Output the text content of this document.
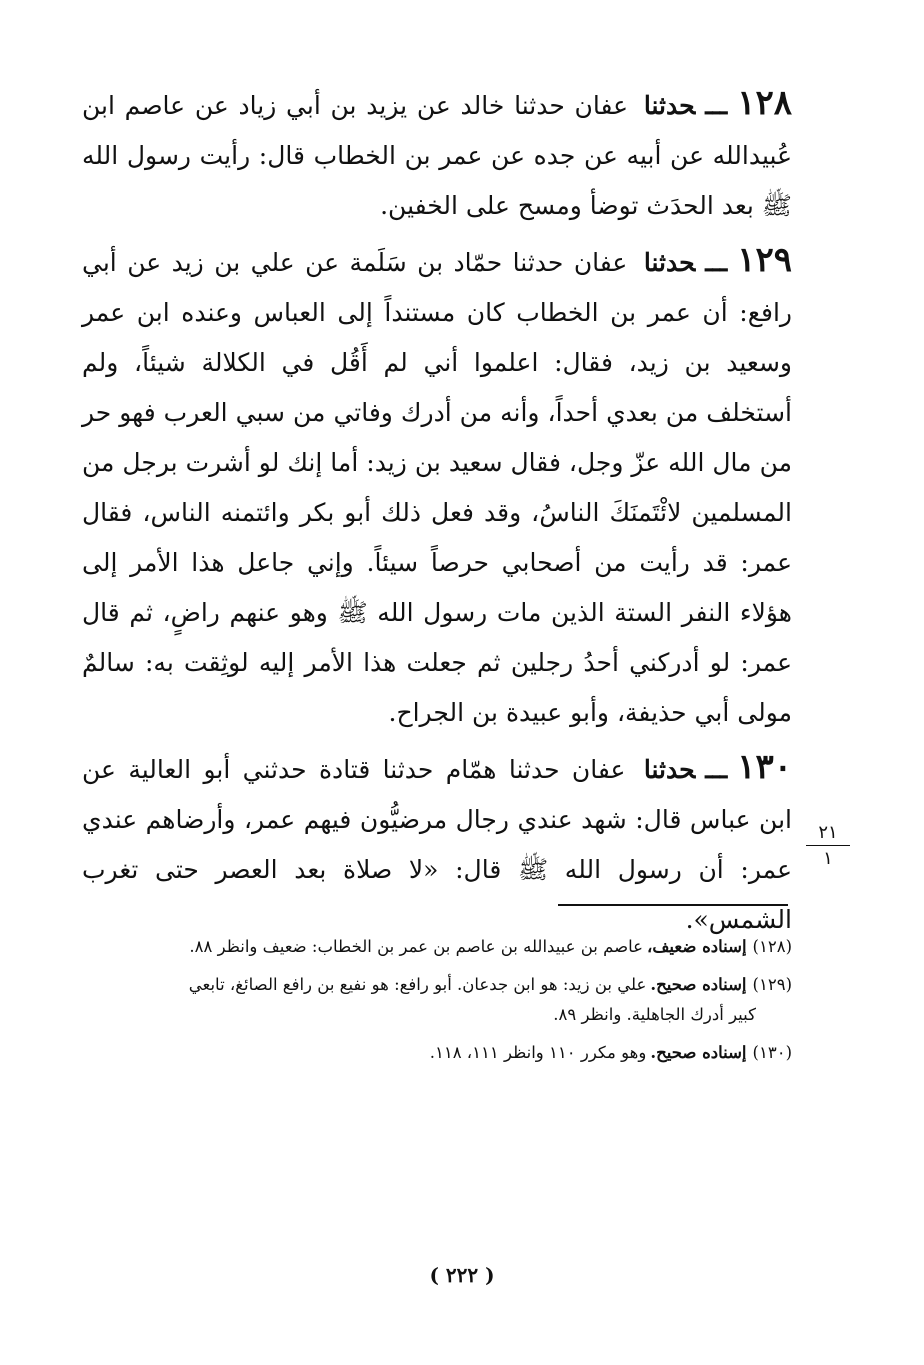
١٢٨ـــحدثنا عفان حدثنا خالد عن يزيد بن أبي زياد عن عاصم ابن عُبيدالله عن أبيه عن جده عن عمر بن الخطاب قال: رأيت رسول الله ﷺ بعد الحدَث توضأ ومسح على الخفين.

١٢٩ـــحدثنا عفان حدثنا حمّاد بن سَلَمة عن علي بن زيد عن أبي رافع: أن عمر بن الخطاب كان مستنداً إلى العباس وعنده ابن عمر وسعيد بن زيد، فقال: اعلموا أني لم أَقُل في الكلالة شيئاً، ولم أستخلف من بعدي أحداً، وأنه من أدرك وفاتي من سبي العرب فهو حر من مال الله عزّ وجل، فقال سعيد بن زيد: أما إنك لو أشرت برجل من المسلمين لائْتَمنَكَ الناسُ، وقد فعل ذلك أبو بكر وائتمنه الناس، فقال عمر: قد رأيت من أصحابي حرصاً سيئاً. وإني جاعل هذا الأمر إلى هؤلاء النفر الستة الذين مات رسول الله ﷺ وهو عنهم راضٍ، ثم قال عمر: لو أدركني أحدُ رجلين ثم جعلت هذا الأمر إليه لوثِقت به: سالمٌ مولى أبي حذيفة، وأبو عبيدة بن الجراح.

١٣٠ـــحدثنا عفان حدثنا همّام حدثنا قتادة حدثني أبو العالية عن ابن عباس قال: شهد عندي رجال مرضيُّون فيهم عمر، وأرضاهم عندي عمر: أن رسول الله ﷺ قال: «لا صلاة بعد العصر حتى تغرب الشمس».

٢١
١

(١٢٨)إسناده ضعيف،عاصم بن عبيدالله بن عاصم بن عمر بن الخطاب: ضعيف وانظر ٨٨.

(١٢٩)إسناده صحيح.علي بن زيد: هو ابن جدعان. أبو رافع: هو نفيع بن رافع الصائغ، تابعي
كبير أدرك الجاهلية. وانظر ٨٩.

(١٣٠)إسناده صحيح.وهو مكرر ١١٠ وانظر ١١١، ١١٨.

( ٢٢٢ )
